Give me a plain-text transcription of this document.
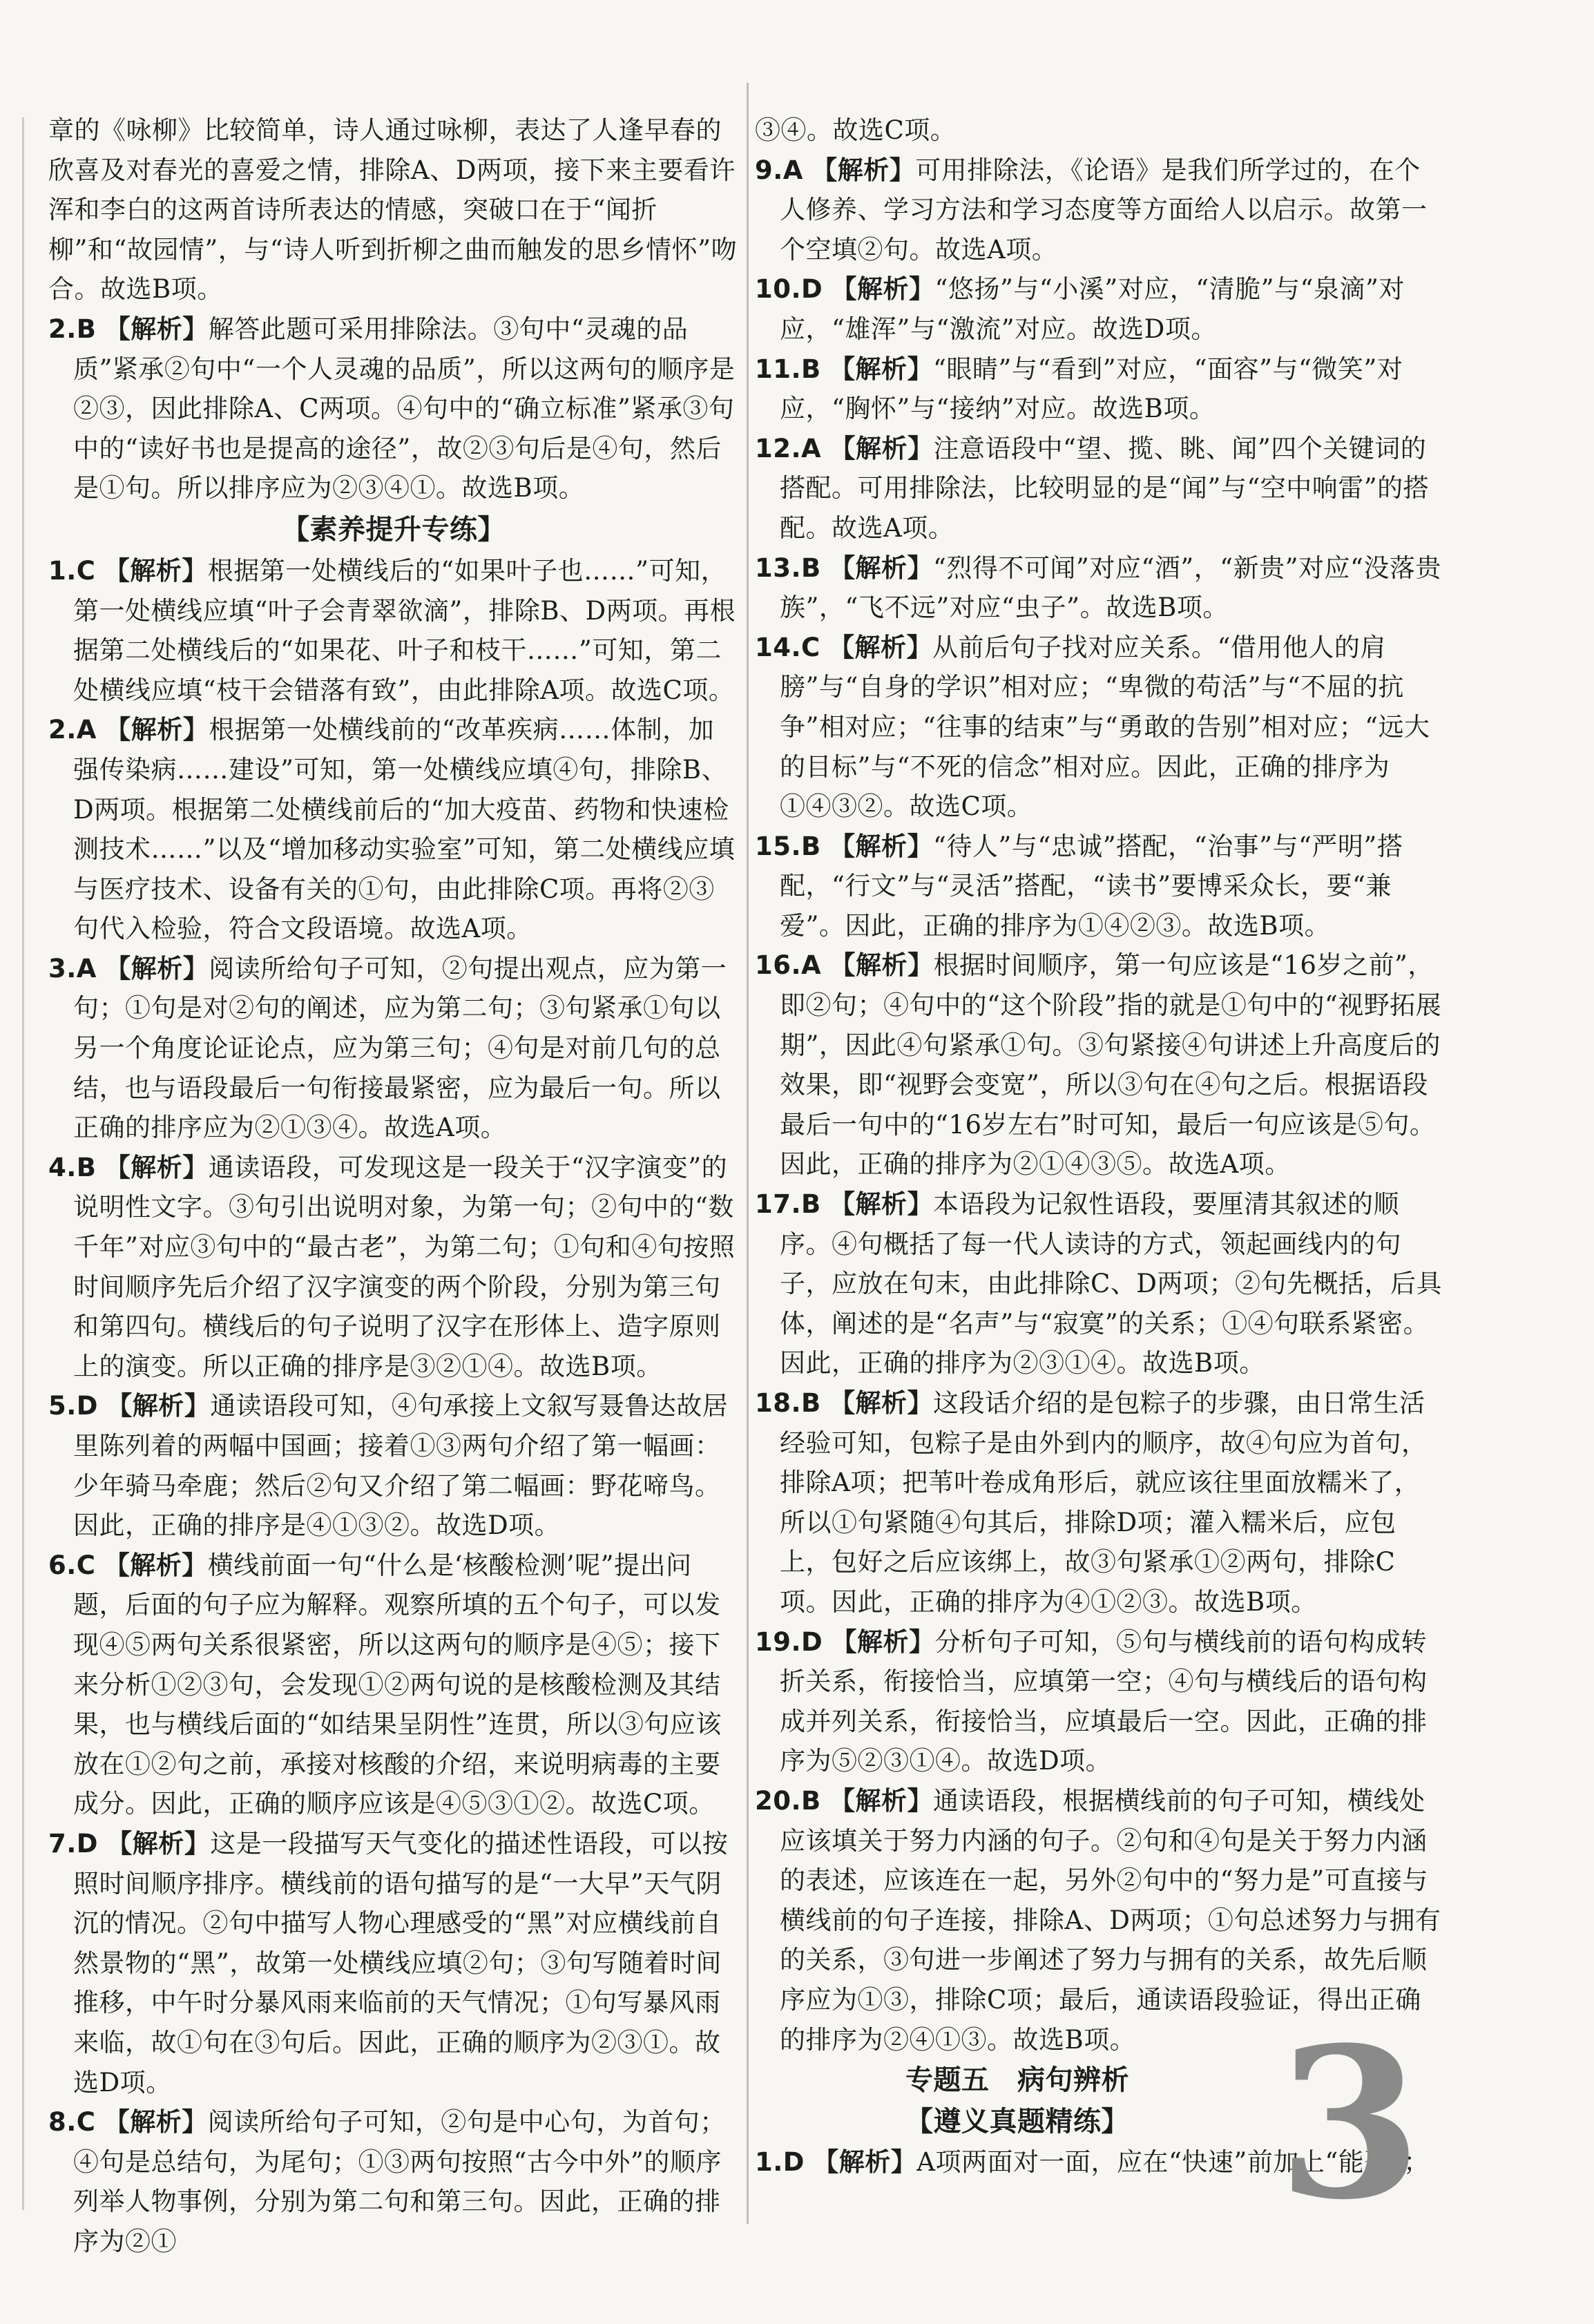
章的《咏柳》比较简单，诗人通过咏柳，表达了人逢早春的欣喜及对春光的喜爱之情，排除A、D两项，接下来主要看许浑和李白的这两首诗所表达的情感，突破口在于“闻折柳”和“故园情”，与“诗人听到折柳之曲而触发的思乡情怀”吻合。故选B项。

2.B 【解析】解答此题可采用排除法。③句中“灵魂的品质”紧承②句中“一个人灵魂的品质”，所以这两句的顺序是②③，因此排除A、C两项。④句中的“确立标准”紧承③句中的“读好书也是提高的途径”，故②③句后是④句，然后是①句。所以排序应为②③④①。故选B项。

【素养提升专练】

1.C 【解析】根据第一处横线后的“如果叶子也……”可知，第一处横线应填“叶子会青翠欲滴”，排除B、D两项。再根据第二处横线后的“如果花、叶子和枝干……”可知，第二处横线应填“枝干会错落有致”，由此排除A项。故选C项。

2.A 【解析】根据第一处横线前的“改革疾病……体制，加强传染病……建设”可知，第一处横线应填④句，排除B、D两项。根据第二处横线前后的“加大疫苗、药物和快速检测技术……”以及“增加移动实验室”可知，第二处横线应填与医疗技术、设备有关的①句，由此排除C项。再将②③句代入检验，符合文段语境。故选A项。

3.A 【解析】阅读所给句子可知，②句提出观点，应为第一句；①句是对②句的阐述，应为第二句；③句紧承①句以另一个角度论证论点，应为第三句；④句是对前几句的总结，也与语段最后一句衔接最紧密，应为最后一句。所以正确的排序应为②①③④。故选A项。

4.B 【解析】通读语段，可发现这是一段关于“汉字演变”的说明性文字。③句引出说明对象，为第一句；②句中的“数千年”对应③句中的“最古老”，为第二句；①句和④句按照时间顺序先后介绍了汉字演变的两个阶段，分别为第三句和第四句。横线后的句子说明了汉字在形体上、造字原则上的演变。所以正确的排序是③②①④。故选B项。

5.D 【解析】通读语段可知，④句承接上文叙写聂鲁达故居里陈列着的两幅中国画；接着①③两句介绍了第一幅画：少年骑马牵鹿；然后②句又介绍了第二幅画：野花啼鸟。因此，正确的排序是④①③②。故选D项。

6.C 【解析】横线前面一句“什么是‘核酸检测’呢”提出问题，后面的句子应为解释。观察所填的五个句子，可以发现④⑤两句关系很紧密，所以这两句的顺序是④⑤；接下来分析①②③句，会发现①②两句说的是核酸检测及其结果，也与横线后面的“如结果呈阴性”连贯，所以③句应该放在①②句之前，承接对核酸的介绍，来说明病毒的主要成分。因此，正确的顺序应该是④⑤③①②。故选C项。

7.D 【解析】这是一段描写天气变化的描述性语段，可以按照时间顺序排序。横线前的语句描写的是“一大早”天气阴沉的情况。②句中描写人物心理感受的“黑”对应横线前自然景物的“黑”，故第一处横线应填②句；③句写随着时间推移，中午时分暴风雨来临前的天气情况；①句写暴风雨来临，故①句在③句后。因此，正确的顺序为②③①。故选D项。

8.C 【解析】阅读所给句子可知，②句是中心句，为首句；④句是总结句，为尾句；①③两句按照“古今中外”的顺序列举人物事例，分别为第二句和第三句。因此，正确的排序为②①

③④。故选C项。

9.A 【解析】可用排除法，《论语》是我们所学过的，在个人修养、学习方法和学习态度等方面给人以启示。故第一个空填②句。故选A项。

10.D 【解析】“悠扬”与“小溪”对应，“清脆”与“泉滴”对应，“雄浑”与“激流”对应。故选D项。

11.B 【解析】“眼睛”与“看到”对应，“面容”与“微笑”对应，“胸怀”与“接纳”对应。故选B项。

12.A 【解析】注意语段中“望、揽、眺、闻”四个关键词的搭配。可用排除法，比较明显的是“闻”与“空中响雷”的搭配。故选A项。

13.B 【解析】“烈得不可闻”对应“酒”，“新贵”对应“没落贵族”，“飞不远”对应“虫子”。故选B项。

14.C 【解析】从前后句子找对应关系。“借用他人的肩膀”与“自身的学识”相对应；“卑微的苟活”与“不屈的抗争”相对应；“往事的结束”与“勇敢的告别”相对应；“远大的目标”与“不死的信念”相对应。因此，正确的排序为①④③②。故选C项。

15.B 【解析】“待人”与“忠诚”搭配，“治事”与“严明”搭配，“行文”与“灵活”搭配，“读书”要博采众长，要“兼爱”。因此，正确的排序为①④②③。故选B项。

16.A 【解析】根据时间顺序，第一句应该是“16岁之前”，即②句；④句中的“这个阶段”指的就是①句中的“视野拓展期”，因此④句紧承①句。③句紧接④句讲述上升高度后的效果，即“视野会变宽”，所以③句在④句之后。根据语段最后一句中的“16岁左右”时可知，最后一句应该是⑤句。因此，正确的排序为②①④③⑤。故选A项。

17.B 【解析】本语段为记叙性语段，要厘清其叙述的顺序。④句概括了每一代人读诗的方式，领起画线内的句子，应放在句末，由此排除C、D两项；②句先概括，后具体，阐述的是“名声”与“寂寞”的关系；①④句联系紧密。因此，正确的排序为②③①④。故选B项。

18.B 【解析】这段话介绍的是包粽子的步骤，由日常生活经验可知，包粽子是由外到内的顺序，故④句应为首句，排除A项；把苇叶卷成角形后，就应该往里面放糯米了，所以①句紧随④句其后，排除D项；灌入糯米后，应包上，包好之后应该绑上，故③句紧承①②两句，排除C项。因此，正确的排序为④①②③。故选B项。

19.D 【解析】分析句子可知，⑤句与横线前的语句构成转折关系，衔接恰当，应填第一空；④句与横线后的语句构成并列关系，衔接恰当，应填最后一空。因此，正确的排序为⑤②③①④。故选D项。

20.B 【解析】通读语段，根据横线前的句子可知，横线处应该填关于努力内涵的句子。②句和④句是关于努力内涵的表述，应该连在一起，另外②句中的“努力是”可直接与横线前的句子连接，排除A、D两项；①句总述努力与拥有的关系，③句进一步阐述了努力与拥有的关系，故先后顺序应为①③，排除C项；最后，通读语段验证，得出正确的排序为②④①③。故选B项。

专题五　病句辨析
【遵义真题精练】

1.D 【解析】A项两面对一面，应在“快速”前加上“能否”；

3
